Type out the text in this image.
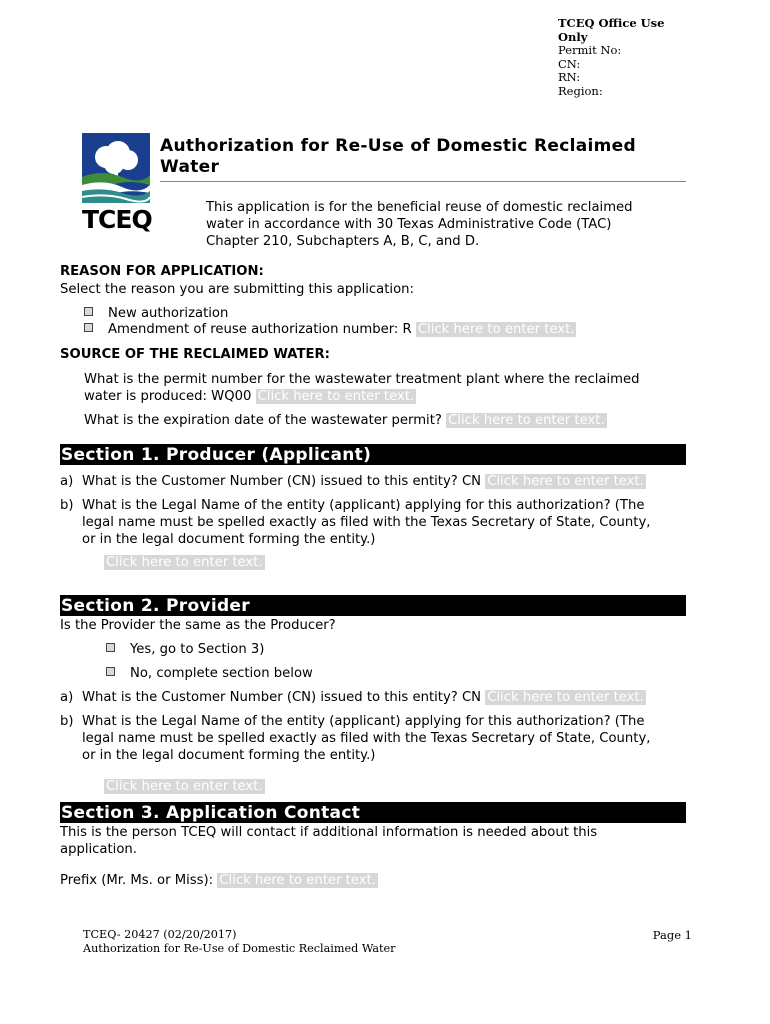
TCEQ Office Use Only
Permit No:
CN:
RN:
Region:
TCEQ
Authorization for Re-Use of Domestic Reclaimed
Water
This application is for the beneficial reuse of domestic reclaimed
water in accordance with 30 Texas Administrative Code (TAC)
Chapter 210, Subchapters A, B, C, and D.
REASON FOR APPLICATION:
Select the reason you are submitting this application:
New authorization
Amendment of reuse authorization number: R Click here to enter text.
SOURCE OF THE RECLAIMED WATER:
What is the permit number for the wastewater treatment plant where the reclaimed
water is produced: WQ00 Click here to enter text.
What is the expiration date of the wastewater permit? Click here to enter text.
Section 1. Producer (Applicant)
a) What is the Customer Number (CN) issued to this entity? CN Click here to enter text.
b) What is the Legal Name of the entity (applicant) applying for this authorization? (The
legal name must be spelled exactly as filed with the Texas Secretary of State, County,
or in the legal document forming the entity.)
Click here to enter text.
Section 2. Provider
Is the Provider the same as the Producer?
Yes, go to Section 3)
No, complete section below
a) What is the Customer Number (CN) issued to this entity? CN Click here to enter text.
b) What is the Legal Name of the entity (applicant) applying for this authorization? (The
legal name must be spelled exactly as filed with the Texas Secretary of State, County,
or in the legal document forming the entity.)
Click here to enter text.
Section 3. Application Contact
This is the person TCEQ will contact if additional information is needed about this
application.
Prefix (Mr. Ms. or Miss): Click here to enter text.
TCEQ- 20427 (02/20/2017)
Authorization for Re-Use of Domestic Reclaimed Water
Page 1
